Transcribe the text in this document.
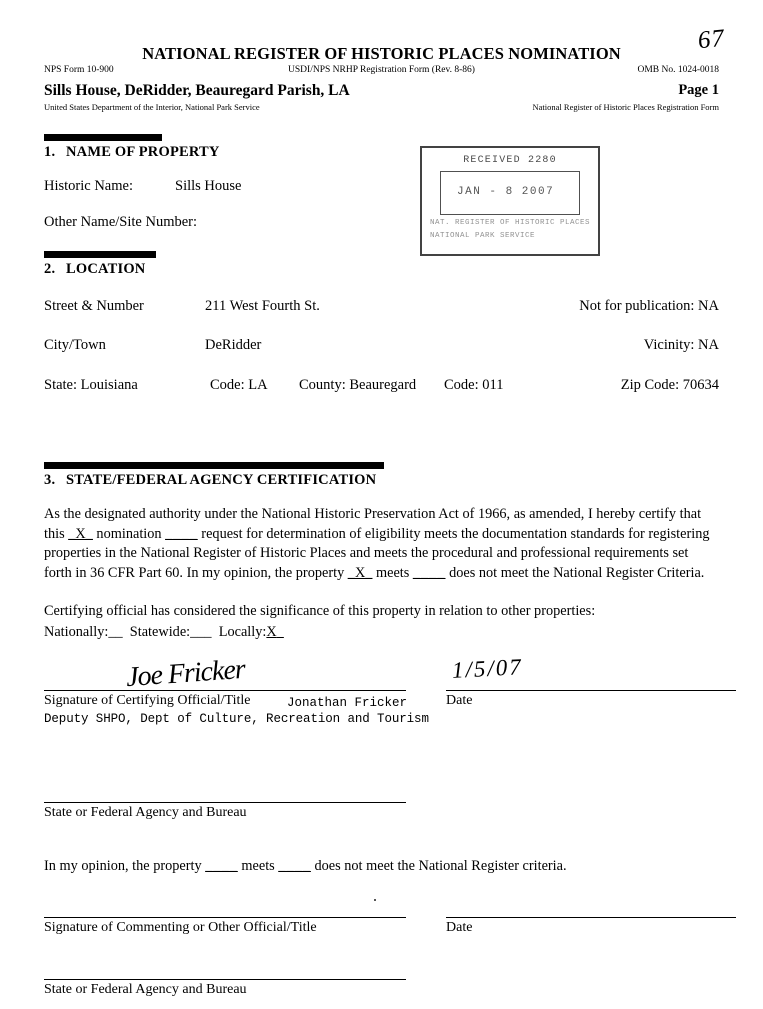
67
NATIONAL REGISTER OF HISTORIC PLACES NOMINATION
NPS Form 10-900	USDI/NPS NRHP Registration Form (Rev. 8-86)	OMB No. 1024-0018
Sills House, DeRidder, Beauregard Parish, LA	Page 1
United States Department of the Interior, National Park Service	National Register of Historic Places Registration Form
1. NAME OF PROPERTY
Historic Name:	Sills House
Other Name/Site Number:
RECEIVED 2280
JAN - 8 2007
NAT. REGISTER OF HISTORIC PLACES
NATIONAL PARK SERVICE
2. LOCATION
Street & Number	211 West Fourth St.	Not for publication: NA
City/Town	DeRidder	Vicinity: NA
State: Louisiana	Code: LA County: Beauregard Code: 011	Zip Code: 70634
3. STATE/FEDERAL AGENCY CERTIFICATION
As the designated authority under the National Historic Preservation Act of 1966, as amended, I hereby certify that this _X_ nomination ____ request for determination of eligibility meets the documentation standards for registering properties in the National Register of Historic Places and meets the procedural and professional requirements set forth in 36 CFR Part 60. In my opinion, the property _X_ meets ____ does not meet the National Register Criteria.
Certifying official has considered the significance of this property in relation to other properties:
Nationally:__ Statewide:___ Locally:X
Joe Fricker	1/5/07
Signature of Certifying Official/Title	Jonathan Fricker	Date
Deputy SHPO, Dept of Culture, Recreation and Tourism
State or Federal Agency and Bureau
In my opinion, the property ____ meets ____ does not meet the National Register criteria.
Signature of Commenting or Other Official/Title	Date
State or Federal Agency and Bureau
